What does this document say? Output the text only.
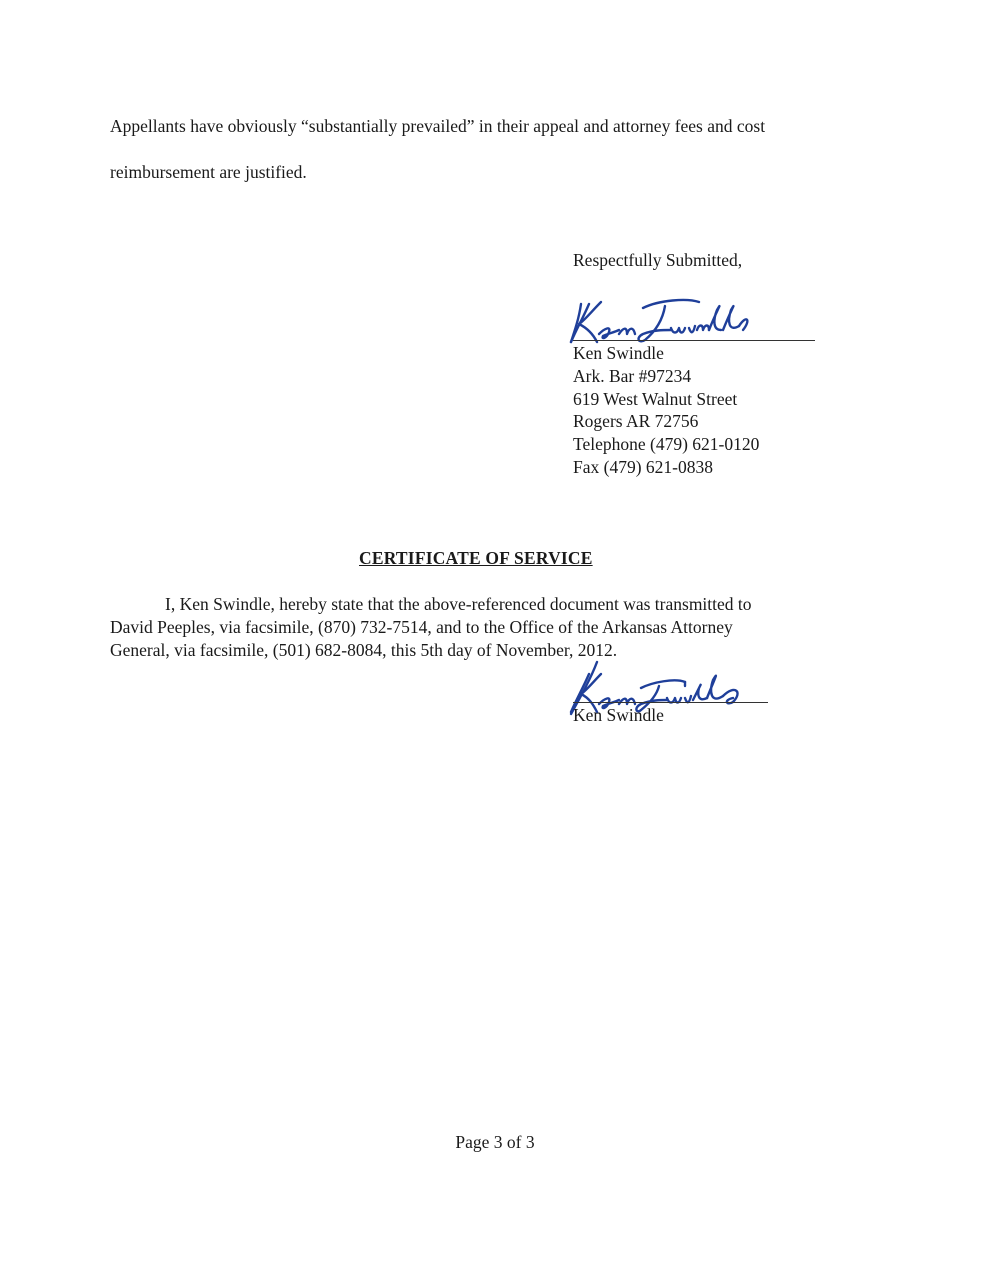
Appellants have obviously “substantially prevailed” in their appeal and attorney fees and cost

reimbursement are justified.

Respectfully Submitted,
Ken Swindle
Ark. Bar #97234
619 West Walnut Street
Rogers AR 72756
Telephone (479) 621-0120
Fax (479) 621-0838
CERTIFICATE OF SERVICE
I, Ken Swindle, hereby state that the above-referenced document was transmitted to
David Peeples, via facsimile, (870) 732-7514, and to the Office of the Arkansas Attorney
General, via facsimile, (501) 682-8084, this 5th day of November, 2012.
Ken Swindle
Page 3 of 3
